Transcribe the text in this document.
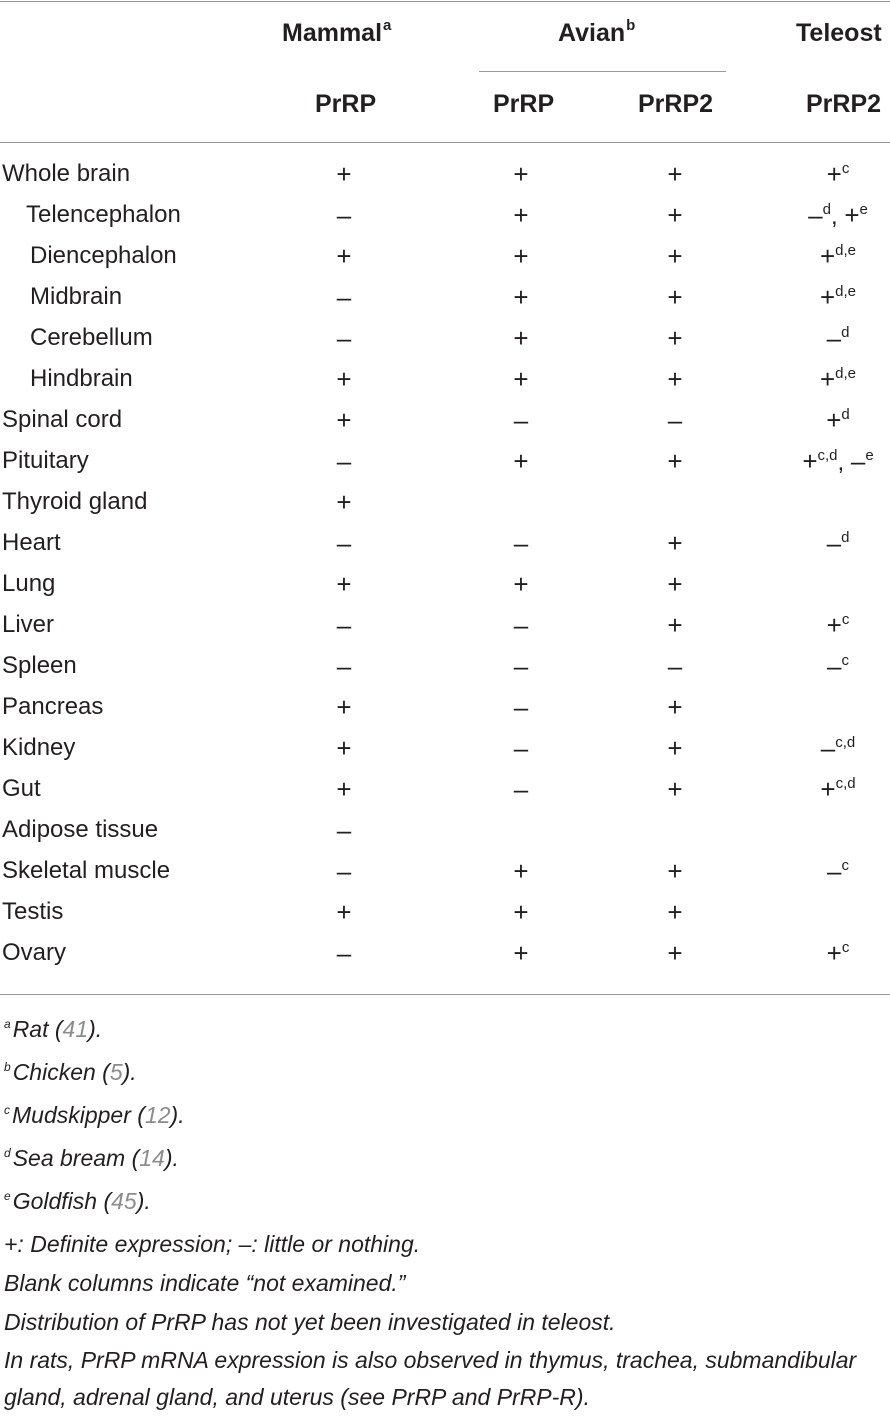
Mammal$^a$	Avian$^b$	Teleost
PrRP	PrRP	PrRP2	PrRP2
Whole brain	+	+	+	+$^c$
Telencephalon	–	+	+	–$^d$, +$^e$
Diencephalon	+	+	+	+$^{d,e}$
Midbrain	–	+	+	+$^{d,e}$
Cerebellum	–	+	+	–$^d$
Hindbrain	+	+	+	+$^{d,e}$
Spinal cord	+	–	–	+$^d$
Pituitary	–	+	+	+$^{c,d}$, –$^e$
Thyroid gland	+
Heart	–	–	+	–$^d$
Lung	+	+	+
Liver	–	–	+	+$^c$
Spleen	–	–	–	–$^c$
Pancreas	+	–	+
Kidney	+	–	+	–$^{c,d}$
Gut	+	–	+	+$^{c,d}$
Adipose tissue	–
Skeletal muscle	–	+	+	–$^c$
Testis	+	+	+
Ovary	–	+	+	+$^c$
$^a$Rat (41).
$^b$Chicken (5).
$^c$Mudskipper (12).
$^d$Sea bream (14).
$^e$Goldfish (45).
+: Definite expression; –: little or nothing.
Blank columns indicate “not examined.”
Distribution of PrRP has not yet been investigated in teleost.
In rats, PrRP mRNA expression is also observed in thymus, trachea, submandibular gland, adrenal gland, and uterus (see PrRP and PrRP-R).
